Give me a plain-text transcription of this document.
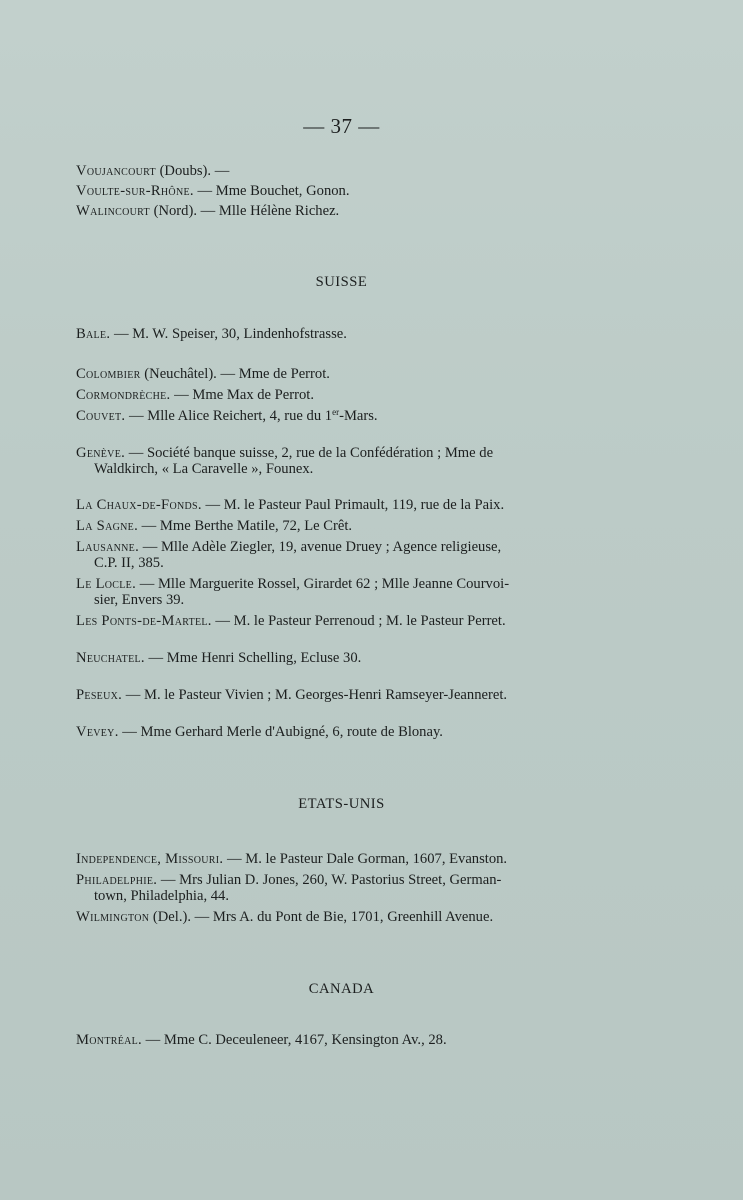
— 37 —
Voujancourt (Doubs). —
Voulte-sur-Rhône. — Mme Bouchet, Gonon.
Walincourt (Nord). — Mlle Hélène Richez.
SUISSE
Bale. — M. W. Speiser, 30, Lindenhofstrasse.
Colombier (Neuchâtel). — Mme de Perrot.
Cormondrèche. — Mme Max de Perrot.
Couvet. — Mlle Alice Reichert, 4, rue du 1er-Mars.
Genève. — Société banque suisse, 2, rue de la Confédération ; Mme de
Waldkirch, « La Caravelle », Founex.
La Chaux-de-Fonds. — M. le Pasteur Paul Primault, 119, rue de la Paix.
La Sagne. — Mme Berthe Matile, 72, Le Crêt.
Lausanne. — Mlle Adèle Ziegler, 19, avenue Druey ; Agence religieuse,
C.P. II, 385.
Le Locle. — Mlle Marguerite Rossel, Girardet 62 ; Mlle Jeanne Courvoi-
sier, Envers 39.
Les Ponts-de-Martel. — M. le Pasteur Perrenoud ; M. le Pasteur Perret.
Neuchatel. — Mme Henri Schelling, Ecluse 30.
Peseux. — M. le Pasteur Vivien ; M. Georges-Henri Ramseyer-Jeanneret.
Vevey. — Mme Gerhard Merle d'Aubigné, 6, route de Blonay.
ETATS-UNIS
Independence, Missouri. — M. le Pasteur Dale Gorman, 1607, Evanston.
Philadelphie. — Mrs Julian D. Jones, 260, W. Pastorius Street, German-
town, Philadelphia, 44.
Wilmington (Del.). — Mrs A. du Pont de Bie, 1701, Greenhill Avenue.
CANADA
Montréal. — Mme C. Deceuleneer, 4167, Kensington Av., 28.
